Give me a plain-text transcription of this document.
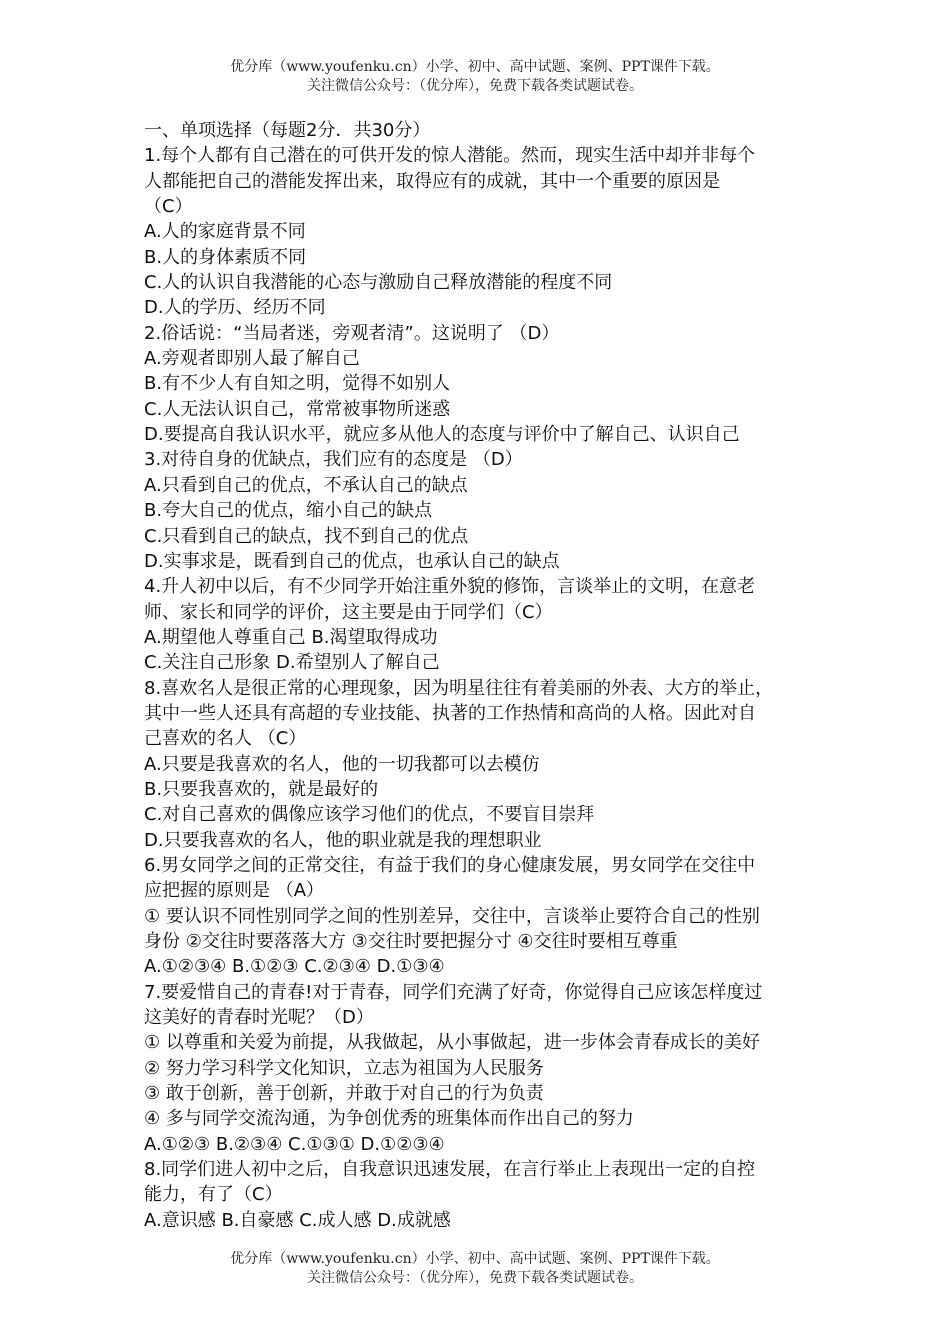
优分库（www.youfenku.cn）小学、初中、高中试题、案例、PPT课件下载。
关注微信公众号：（优分库），免费下载各类试题试卷。
一、单项选择（每题2分．共30分）
1.每个人都有自己潜在的可供开发的惊人潜能。然而，现实生活中却并非每个
人都能把自己的潜能发挥出来，取得应有的成就，其中一个重要的原因是
（C）
A.人的家庭背景不同
B.人的身体素质不同
C.人的认识自我潜能的心态与激励自己释放潜能的程度不同
D.人的学历、经历不同
2.俗话说：“当局者迷，旁观者清”。这说明了 （D）
A.旁观者即别人最了解自己
B.有不少人有自知之明，觉得不如别人
C.人无法认识自己，常常被事物所迷惑
D.要提高自我认识水平，就应多从他人的态度与评价中了解自己、认识自己
3.对待自身的优缺点，我们应有的态度是 （D）
A.只看到自己的优点，不承认自己的缺点
B.夸大自己的优点，缩小自己的缺点
C.只看到自己的缺点，找不到自己的优点
D.实事求是，既看到自己的优点，也承认自己的缺点
4.升人初中以后，有不少同学开始注重外貌的修饰，言谈举止的文明，在意老
师、家长和同学的评价，这主要是由于同学们（C）
A.期望他人尊重自己 B.渴望取得成功
C.关注自己形象 D.希望别人了解自己
8.喜欢名人是很正常的心理现象，因为明星往往有着美丽的外表、大方的举止，
其中一些人还具有高超的专业技能、执著的工作热情和高尚的人格。因此对自
己喜欢的名人 （C）
A.只要是我喜欢的名人，他的一切我都可以去模仿
B.只要我喜欢的，就是最好的
C.对自己喜欢的偶像应该学习他们的优点，不要盲目崇拜
D.只要我喜欢的名人，他的职业就是我的理想职业
6.男女同学之间的正常交往，有益于我们的身心健康发展，男女同学在交往中
应把握的原则是 （A）
① 要认识不同性别同学之间的性别差异，交往中，言谈举止要符合自己的性别
身份 ②交往时要落落大方 ③交往时要把握分寸 ④交往时要相互尊重
A.①②③④ B.①②③ C.②③④ D.①③④
7.要爱惜自己的青春!对于青春，同学们充满了好奇，你觉得自己应该怎样度过
这美好的青春时光呢？（D）
① 以尊重和关爱为前提，从我做起，从小事做起，进一步体会青春成长的美好
② 努力学习科学文化知识，立志为祖国为人民服务
③ 敢于创新，善于创新，并敢于对自己的行为负责
④ 多与同学交流沟通，为争创优秀的班集体而作出自己的努力
A.①②③ B.②③④ C.①③① D.①②③④
8.同学们进人初中之后，自我意识迅速发展，在言行举止上表现出一定的自控
能力，有了（C）
A.意识感 B.自豪感 C.成人感 D.成就感
优分库（www.youfenku.cn）小学、初中、高中试题、案例、PPT课件下载。
关注微信公众号：（优分库），免费下载各类试题试卷。
